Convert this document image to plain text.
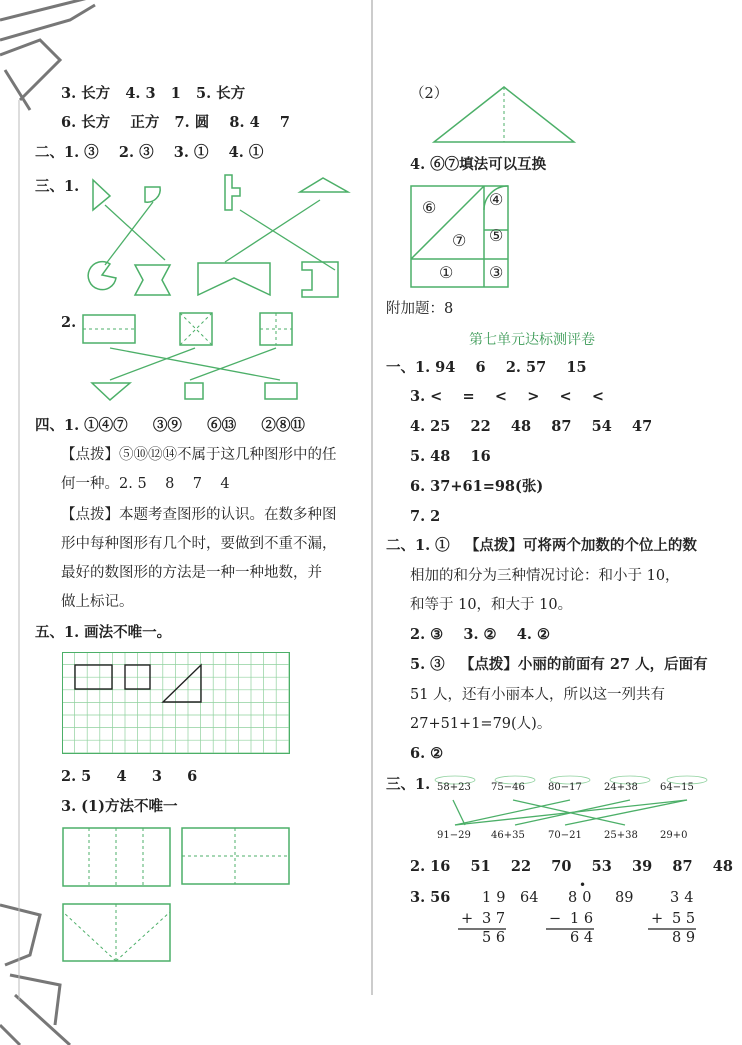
3. 长方   4. 3   1   5. 长方
6. 长方    正方   7. 圆    8. 4    7
二、1. ③    2. ③    3. ①    4. ①
三、1.
2.
四、1. ①④⑦     ③⑨     ⑥⑬     ②⑧⑪
【点拨】⑤⑩⑫⑭不属于这几种图形中的任
何一种。2. 5    8    7    4
【点拨】本题考查图形的认识。在数多种图
形中每种图形有几个时，要做到不重不漏，
最好的数图形的方法是一种一种地数，并
做上标记。
五、1. 画法不唯一。
2. 5     4     3     6
3. (1)方法不唯一
（2）
4. ⑥⑦填法可以互换
⑥	④
⑦ ⑤
① ③
附加题：8
第七单元达标测评卷
一、1. 94    6    2. 57    15
3. <    =    <    >    <    <
4. 25    22    48    87    54    47
5. 48    16
6. 37+61=98(张)
7. 2
二、1. ①   【点拨】可将两个加数的个位上的数
相加的和分为三种情况讨论：和小于 10，
和等于 10，和大于 10。
2. ③    3. ②    4. ②
5. ③   【点拨】小丽的前面有 27 人，后面有
51 人，还有小丽本人，所以这一列共有
27+51+1=79(人)。
6. ②
三、1. 58+23 75−46 80−17 24+38 64−15
91−29 46+35 70−21 25+38 29+0
2. 16    51    22    70    53    39    87    48
3. 56 19 64 80 89	34
•
+ 3 7
5 6
− 1 6
6 4
+ 5 5
8 9
